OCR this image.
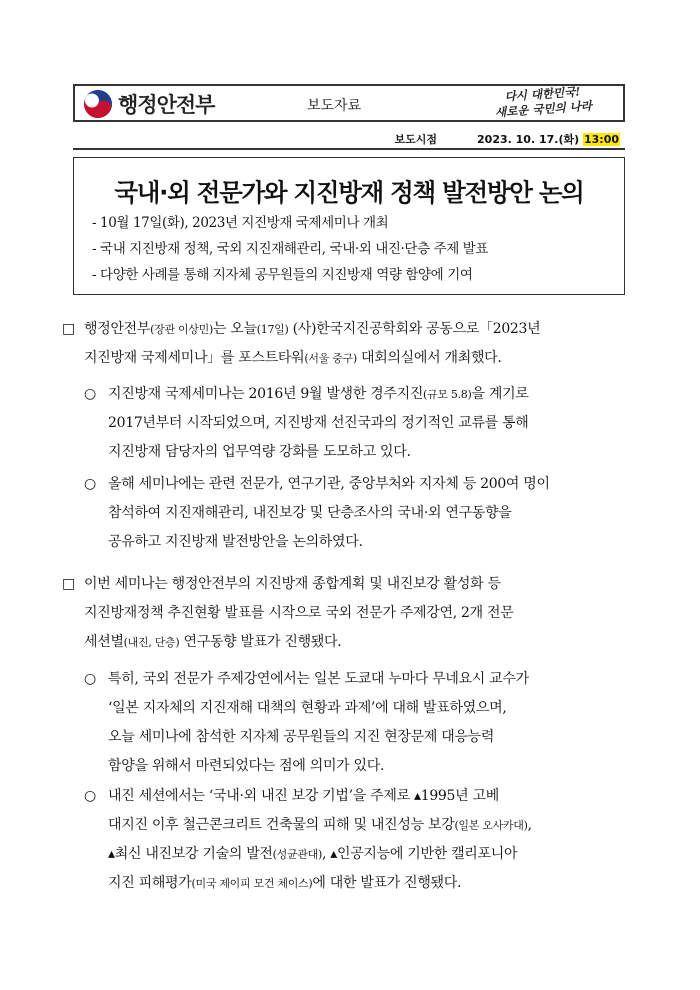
행정안전부	보도자료
다시 대한민국!
새로운 국민의 나라
보도시점	2023. 10. 17.(화) 13:00
국내·외 전문가와 지진방재 정책 발전방안 논의
- 10월 17일(화), 2023년 지진방재 국제세미나 개최
- 국내 지진방재 정책, 국외 지진재해관리, 국내·외 내진·단층 주제 발표
- 다양한 사례를 통해 지자체 공무원들의 지진방재 역량 함양에 기여
□ 행정안전부(장관 이상민)는 오늘(17일) (사)한국지진공학회와 공동으로「2023년
지진방재 국제세미나」를 포스트타워(서울 중구) 대회의실에서 개최했다.
○ 지진방재 국제세미나는 2016년 9월 발생한 경주지진(규모 5.8)을 계기로
2017년부터 시작되었으며, 지진방재 선진국과의 정기적인 교류를 통해
지진방재 담당자의 업무역량 강화를 도모하고 있다.
○ 올해 세미나에는 관련 전문가, 연구기관, 중앙부처와 지자체 등 200여 명이
참석하여 지진재해관리, 내진보강 및 단층조사의 국내·외 연구동향을
공유하고 지진방재 발전방안을 논의하였다.
□ 이번 세미나는 행정안전부의 지진방재 종합계획 및 내진보강 활성화 등
지진방재정책 추진현황 발표를 시작으로 국외 전문가 주제강연, 2개 전문
세션별(내진, 단층) 연구동향 발표가 진행됐다.
○ 특히, 국외 전문가 주제강연에서는 일본 도쿄대 누마다 무네요시 교수가
‘일본 지자체의 지진재해 대책의 현황과 과제’에 대해 발표하였으며,
오늘 세미나에 참석한 지자체 공무원들의 지진 현장문제 대응능력
함양을 위해서 마련되었다는 점에 의미가 있다.
○ 내진 세션에서는 ‘국내·외 내진 보강 기법’을 주제로 ▴1995년 고베
대지진 이후 철근콘크리트 건축물의 피해 및 내진성능 보강(일본 오사카대),
▴최신 내진보강 기술의 발전(성균관대), ▴인공지능에 기반한 캘리포니아
지진 피해평가(미국 제이피 모건 체이스)에 대한 발표가 진행됐다.
